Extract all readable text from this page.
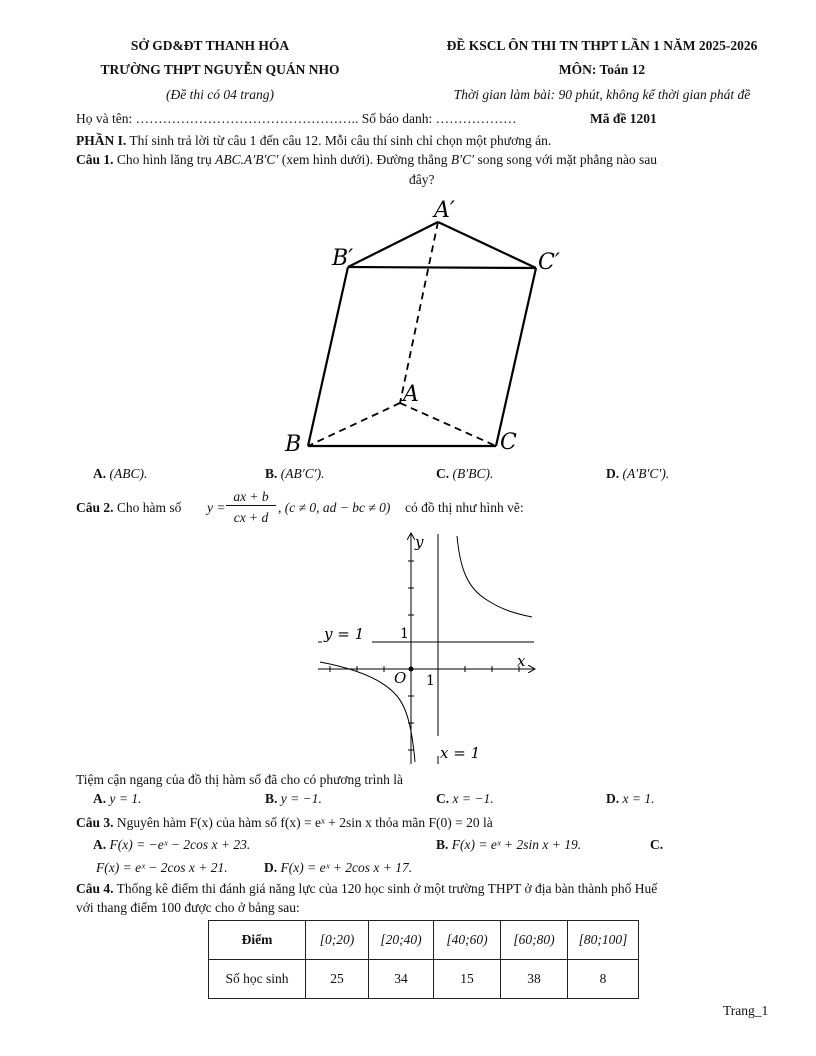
SỞ GD&ĐT THANH HÓA
TRƯỜNG THPT NGUYỄN QUÁN NHO
(Đề thi có 04 trang)
ĐỀ KSCL ÔN THI TN THPT LẦN 1 NĂM 2025-2026
MÔN: Toán 12
Thời gian làm bài: 90 phút, không kể thời gian phát đề
Họ và tên: ………………………………………….. Số báo danh: ………………	Mã đề 1201
PHẦN I. Thí sinh trả lời từ câu 1 đến câu 12. Mỗi câu thí sinh chỉ chọn một phương án.
Câu 1. Cho hình lăng trụ ABC.A′B′C′ (xem hình dưới). Đường thẳng B′C′ song song với mặt phẳng nào sau
đây?
A′
B′	C′
A
B	C
A. (ABC).	B. (AB′C′).	C. (B′BC).	D. (A′B′C′).
Câu 2. Cho hàm số y =
ax + b
cx + d
, (c ≠ 0, ad − bc ≠ 0) có đồ thị như hình vẽ:
y
x
O
y = 1
x = 1
1
1
Tiệm cận ngang của đồ thị hàm số đã cho có phương trình là
A. y = 1.	B. y = −1.	C. x = −1.	D. x = 1.
Câu 3. Nguyên hàm F(x) của hàm số f(x) = eˣ + 2sin x thỏa mãn F(0) = 20 là
A. F(x) = −eˣ − 2cos x + 23.	B. F(x) = eˣ + 2sin x + 19.	C.
F(x) = eˣ − 2cos x + 21.	D. F(x) = eˣ + 2cos x + 17.
Câu 4. Thống kê điểm thi đánh giá năng lực của 120 học sinh ở một trường THPT ở địa bàn thành phố Huế
với thang điểm 100 được cho ở bảng sau:
Điểm	[0;20)	[20;40)	[40;60)	[60;80)	[80;100]
Số học sinh	25	34	15	38	8
Trang_1
